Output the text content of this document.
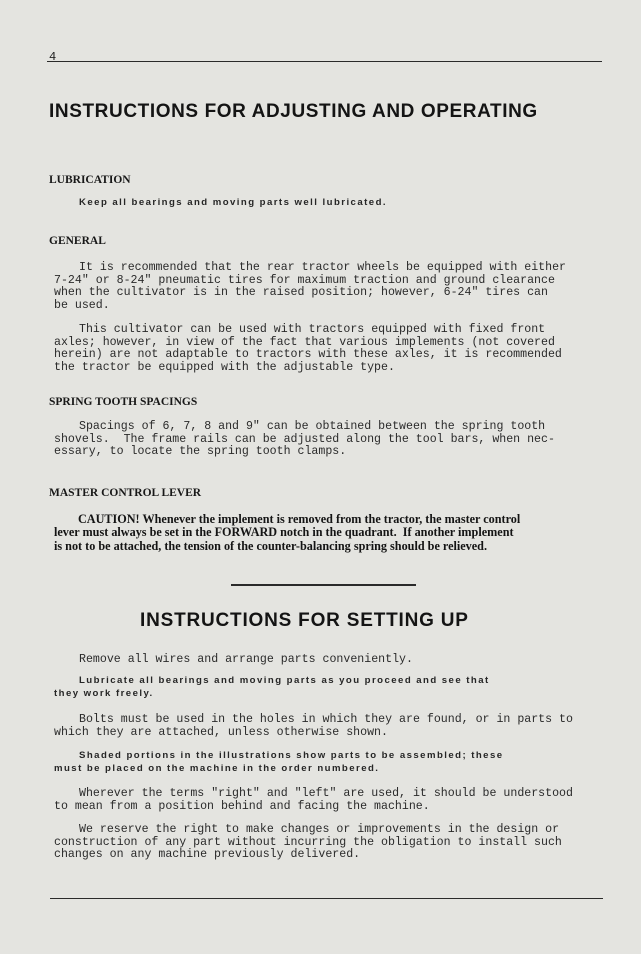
4
INSTRUCTIONS FOR ADJUSTING AND OPERATING
LUBRICATION

Keep all bearings and moving parts well lubricated.

GENERAL

It is recommended that the rear tractor wheels be equipped with either
7-24" or 8-24" pneumatic tires for maximum traction and ground clearance
when the cultivator is in the raised position; however, 6-24" tires can
be used.

This cultivator can be used with tractors equipped with fixed front
axles; however, in view of the fact that various implements (not covered
herein) are not adaptable to tractors with these axles, it is recommended
the tractor be equipped with the adjustable type.

SPRING TOOTH SPACINGS

Spacings of 6, 7, 8 and 9" can be obtained between the spring tooth
shovels.  The frame rails can be adjusted along the tool bars, when nec-
essary, to locate the spring tooth clamps.

MASTER CONTROL LEVER

CAUTION! Whenever the implement is removed from the tractor, the master control
lever must always be set in the FORWARD notch in the quadrant.  If another implement
is not to be attached, the tension of the counter-balancing spring should be relieved.

INSTRUCTIONS FOR SETTING UP

Remove all wires and arrange parts conveniently.

Lubricate all bearings and moving parts as you proceed and see that
they work freely.

Bolts must be used in the holes in which they are found, or in parts to
which they are attached, unless otherwise shown.

Shaded portions in the illustrations show parts to be assembled; these
must be placed on the machine in the order numbered.

Wherever the terms "right" and "left" are used, it should be understood
to mean from a position behind and facing the machine.

We reserve the right to make changes or improvements in the design or
construction of any part without incurring the obligation to install such
changes on any machine previously delivered.
